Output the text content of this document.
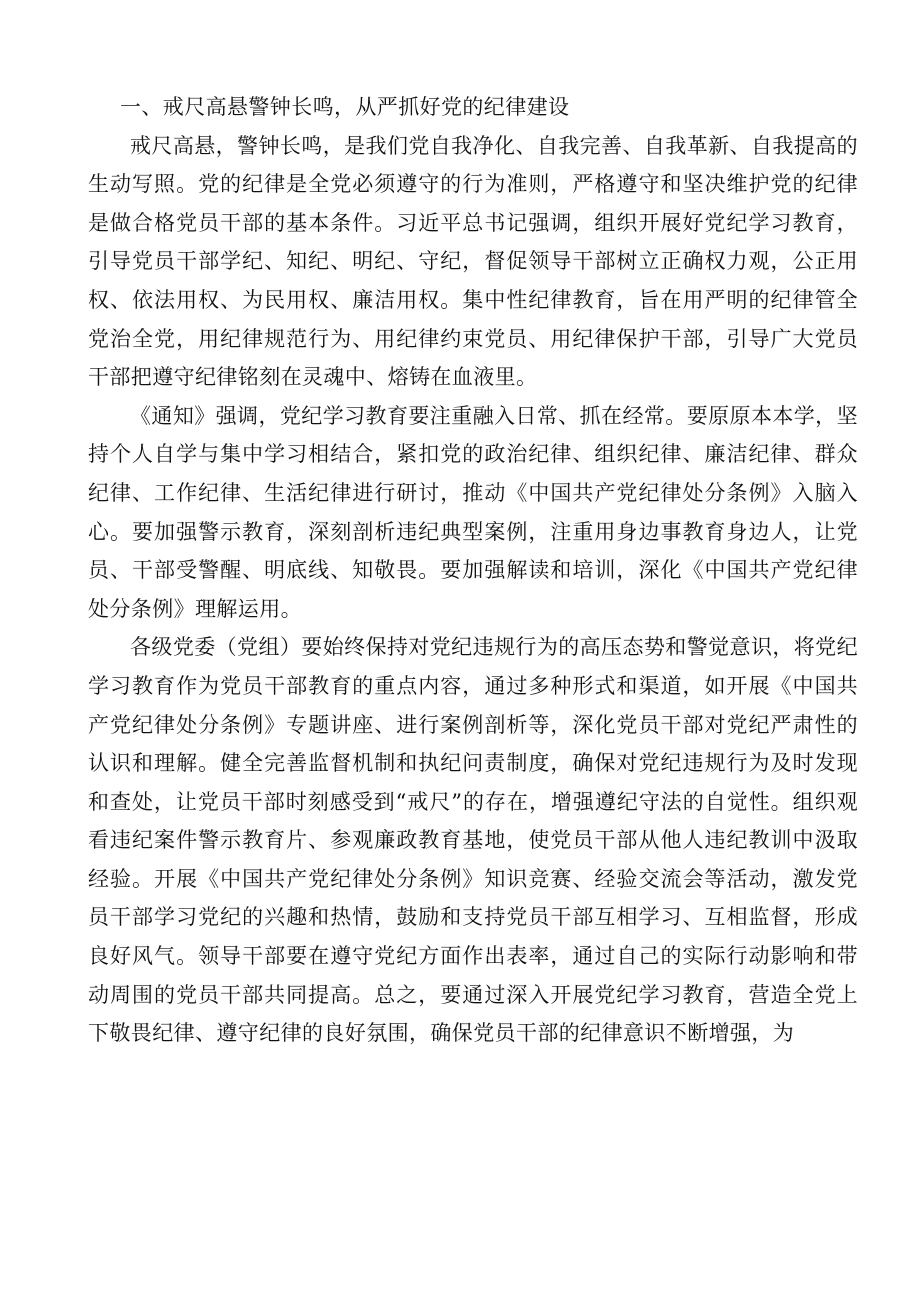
一、戒尺高悬警钟长鸣，从严抓好党的纪律建设

戒尺高悬，警钟长鸣，是我们党自我净化、自我完善、自我革新、自我提高的生动写照。党的纪律是全党必须遵守的行为准则，严格遵守和坚决维护党的纪律是做合格党员干部的基本条件。习近平总书记强调，组织开展好党纪学习教育，引导党员干部学纪、知纪、明纪、守纪，督促领导干部树立正确权力观，公正用权、依法用权、为民用权、廉洁用权。集中性纪律教育，旨在用严明的纪律管全党治全党，用纪律规范行为、用纪律约束党员、用纪律保护干部，引导广大党员干部把遵守纪律铭刻在灵魂中、熔铸在血液里。

《通知》强调，党纪学习教育要注重融入日常、抓在经常。要原原本本学，坚持个人自学与集中学习相结合，紧扣党的政治纪律、组织纪律、廉洁纪律、群众纪律、工作纪律、生活纪律进行研讨，推动《中国共产党纪律处分条例》入脑入心。要加强警示教育，深刻剖析违纪典型案例，注重用身边事教育身边人，让党员、干部受警醒、明底线、知敬畏。要加强解读和培训，深化《中国共产党纪律处分条例》理解运用。

各级党委（党组）要始终保持对党纪违规行为的高压态势和警觉意识，将党纪学习教育作为党员干部教育的重点内容，通过多种形式和渠道，如开展《中国共产党纪律处分条例》专题讲座、进行案例剖析等，深化党员干部对党纪严肃性的认识和理解。健全完善监督机制和执纪问责制度，确保对党纪违规行为及时发现和查处，让党员干部时刻感受到“戒尺”的存在，增强遵纪守法的自觉性。组织观看违纪案件警示教育片、参观廉政教育基地，使党员干部从他人违纪教训中汲取经验。开展《中国共产党纪律处分条例》知识竞赛、经验交流会等活动，激发党员干部学习党纪的兴趣和热情，鼓励和支持党员干部互相学习、互相监督，形成良好风气。领导干部要在遵守党纪方面作出表率，通过自己的实际行动影响和带动周围的党员干部共同提高。总之，要通过深入开展党纪学习教育，营造全党上下敬畏纪律、遵守纪律的良好氛围，确保党员干部的纪律意识不断增强，为
